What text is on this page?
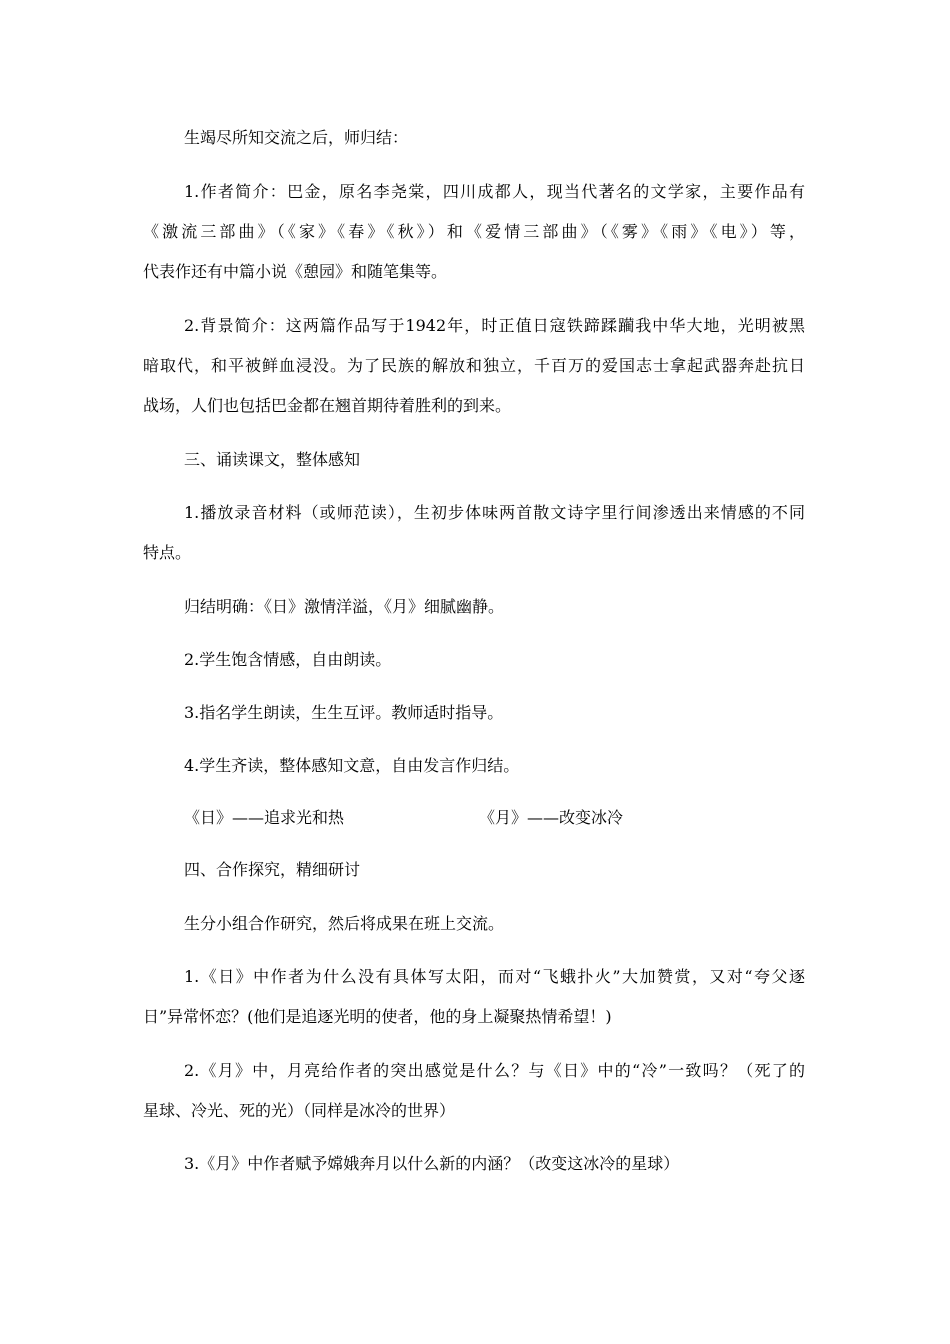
生竭尽所知交流之后，师归结：
1.作者简介：巴金，原名李尧棠，四川成都人，现当代著名的文学家，主要作品有
《激流三部曲》（《家》《春》《秋》）和《爱情三部曲》（《雾》《雨》《电》）等，
代表作还有中篇小说《憩园》和随笔集等。
2.背景简介：这两篇作品写于1942年，时正值日寇铁蹄蹂躏我中华大地，光明被黑
暗取代，和平被鲜血浸没。为了民族的解放和独立，千百万的爱国志士拿起武器奔赴抗日
战场，人们也包括巴金都在翘首期待着胜利的到来。
三、诵读课文，整体感知
1.播放录音材料（或师范读），生初步体味两首散文诗字里行间渗透出来情感的不同
特点。
归结明确：《日》激情洋溢，《月》细腻幽静。
2.学生饱含情感，自由朗读。
3.指名学生朗读，生生互评。教师适时指导。
4.学生齐读，整体感知文意，自由发言作归结。
《日》——追求光和热	《月》——改变冰冷
四、合作探究，精细研讨
生分小组合作研究，然后将成果在班上交流。
1.《日》中作者为什么没有具体写太阳，而对“飞蛾扑火”大加赞赏，又对“夸父逐
日”异常怀恋？(他们是追逐光明的使者，他的身上凝聚热情希望！)
2.《月》中，月亮给作者的突出感觉是什么？与《日》中的“冷”一致吗？（死了的
星球、冷光、死的光）（同样是冰冷的世界）
3.《月》中作者赋予嫦娥奔月以什么新的内涵？（改变这冰冷的星球）
